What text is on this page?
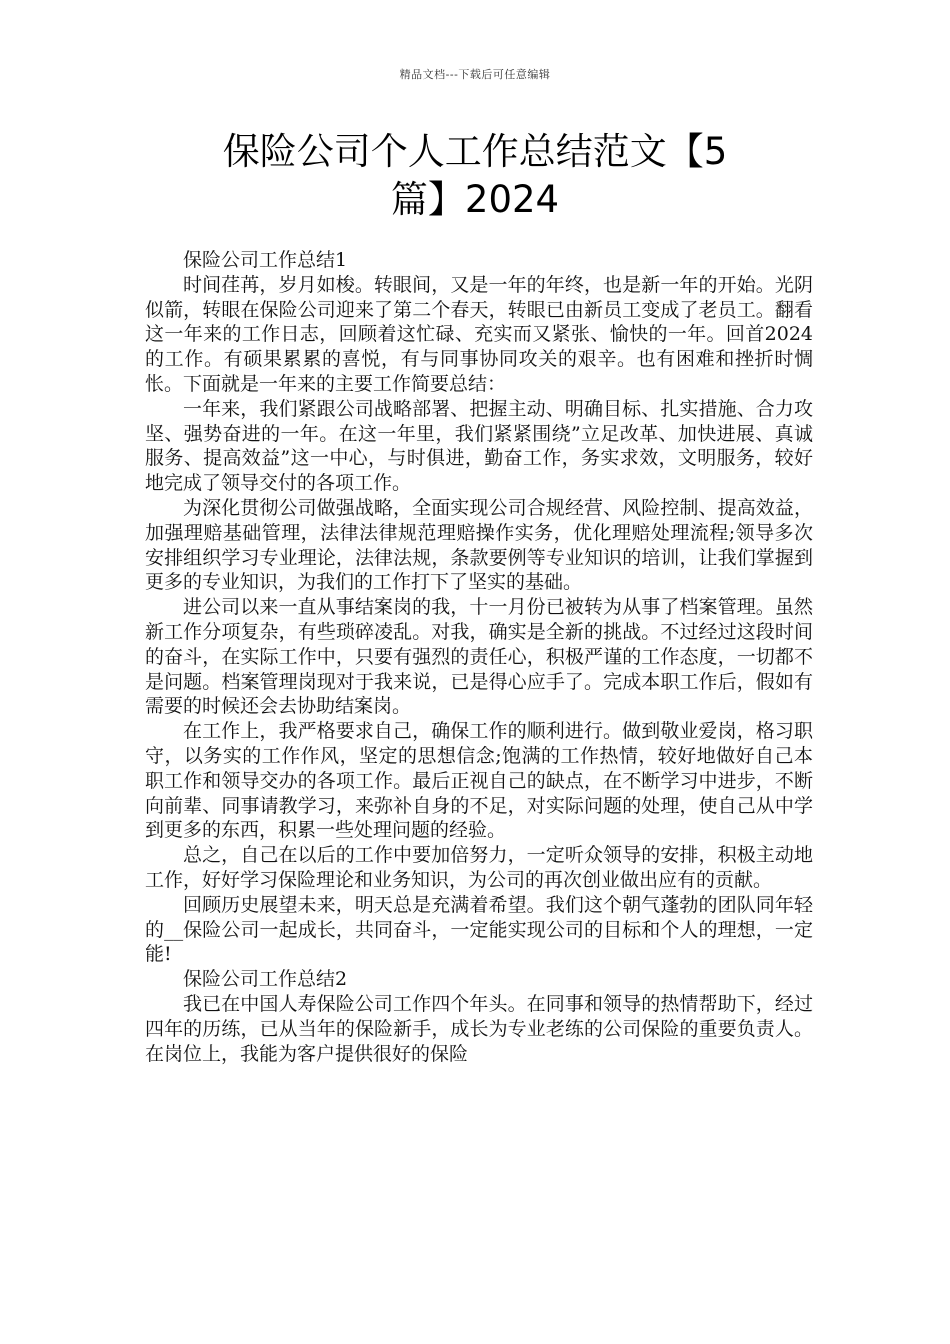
精品文档---下载后可任意编辑
保险公司个人工作总结范文【5
篇】2024

保险公司工作总结1

时间荏苒，岁月如梭。转眼间，又是一年的年终，也是新一年的开始。光阴似箭，转眼在保险公司迎来了第二个春天，转眼已由新员工变成了老员工。翻看这一年来的工作日志，回顾着这忙碌、充实而又紧张、愉快的一年。回首2024的工作。有硕果累累的喜悦，有与同事协同攻关的艰辛。也有困难和挫折时惆怅。下面就是一年来的主要工作简要总结：

一年来，我们紧跟公司战略部署、把握主动、明确目标、扎实措施、合力攻坚、强势奋进的一年。在这一年里，我们紧紧围绕”立足改革、加快进展、真诚服务、提高效益”这一中心，与时俱进，勤奋工作，务实求效，文明服务，较好地完成了领导交付的各项工作。

为深化贯彻公司做强战略，全面实现公司合规经营、风险控制、提高效益，加强理赔基础管理，法律法律规范理赔操作实务，优化理赔处理流程;领导多次安排组织学习专业理论，法律法规，条款要例等专业知识的培训，让我们掌握到更多的专业知识，为我们的工作打下了坚实的基础。

进公司以来一直从事结案岗的我，十一月份已被转为从事了档案管理。虽然新工作分项复杂，有些琐碎凌乱。对我，确实是全新的挑战。不过经过这段时间的奋斗，在实际工作中，只要有强烈的责任心，积极严谨的工作态度，一切都不是问题。档案管理岗现对于我来说，已是得心应手了。完成本职工作后，假如有需要的时候还会去协助结案岗。

在工作上，我严格要求自己，确保工作的顺利进行。做到敬业爱岗，格习职守，以务实的工作作风，坚定的思想信念;饱满的工作热情，较好地做好自己本职工作和领导交办的各项工作。最后正视自己的缺点，在不断学习中进步，不断向前辈、同事请教学习，来弥补自身的不足，对实际问题的处理，使自己从中学到更多的东西，积累一些处理问题的经验。

总之，自己在以后的工作中要加倍努力，一定听众领导的安排，积极主动地工作，好好学习保险理论和业务知识，为公司的再次创业做出应有的贡献。

回顾历史展望未来，明天总是充满着希望。我们这个朝气蓬勃的团队同年轻的__保险公司一起成长，共同奋斗，一定能实现公司的目标和个人的理想，一定能!

保险公司工作总结2

我已在中国人寿保险公司工作四个年头。在同事和领导的热情帮助下，经过四年的历练，已从当年的保险新手，成长为专业老练的公司保险的重要负责人。在岗位上，我能为客户提供很好的保险
